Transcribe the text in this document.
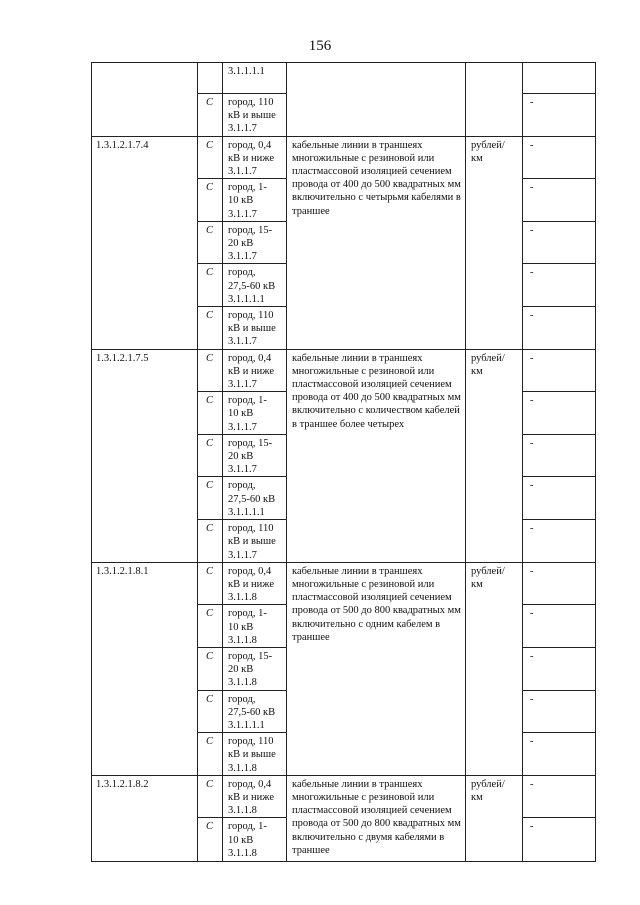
156

		3.1.1.1.1			

	C	город, 110
кВ и выше
3.1.1.7			-
1.3.1.2.1.7.4	C	город, 0,4
кВ и ниже
3.1.1.7	кабельные линии в траншеях многожильные с резиновой или пластмассовой изоляцией сечением провода от 400 до 500 квадратных мм включительно с четырьмя кабелями в траншее	рублей/ км	-
	C	город, 1-
10 кВ
3.1.1.7			-
	C	город, 15-
20 кВ
3.1.1.7			-
	C	город,
27,5-60 кВ
3.1.1.1.1			-
	C	город, 110
кВ и выше
3.1.1.7			-
1.3.1.2.1.7.5	C	город, 0,4
кВ и ниже
3.1.1.7	кабельные линии в траншеях многожильные с резиновой или пластмассовой изоляцией сечением провода от 400 до 500 квадратных мм включительно с количеством кабелей в траншее более четырех	рублей/ км	-
	C	город, 1-
10 кВ
3.1.1.7			-
	C	город, 15-
20 кВ
3.1.1.7			-
	C	город,
27,5-60 кВ
3.1.1.1.1			-
	C	город, 110
кВ и выше
3.1.1.7			-
1.3.1.2.1.8.1	C	город, 0,4
кВ и ниже
3.1.1.8	кабельные линии в траншеях многожильные с резиновой или пластмассовой изоляцией сечением провода от 500 до 800 квадратных мм включительно с одним кабелем в траншее	рублей/ км	-
	C	город, 1-
10 кВ
3.1.1.8			-
	C	город, 15-
20 кВ
3.1.1.8			-
	C	город,
27,5-60 кВ
3.1.1.1.1			-
	C	город, 110
кВ и выше
3.1.1.8			-
1.3.1.2.1.8.2	C	город, 0,4
кВ и ниже
3.1.1.8	кабельные линии в траншеях многожильные с резиновой или пластмассовой изоляцией сечением провода от 500 до 800 квадратных мм включительно с двумя кабелями в траншее	рублей/ км	-
	C	город, 1-
10 кВ
3.1.1.8			-
